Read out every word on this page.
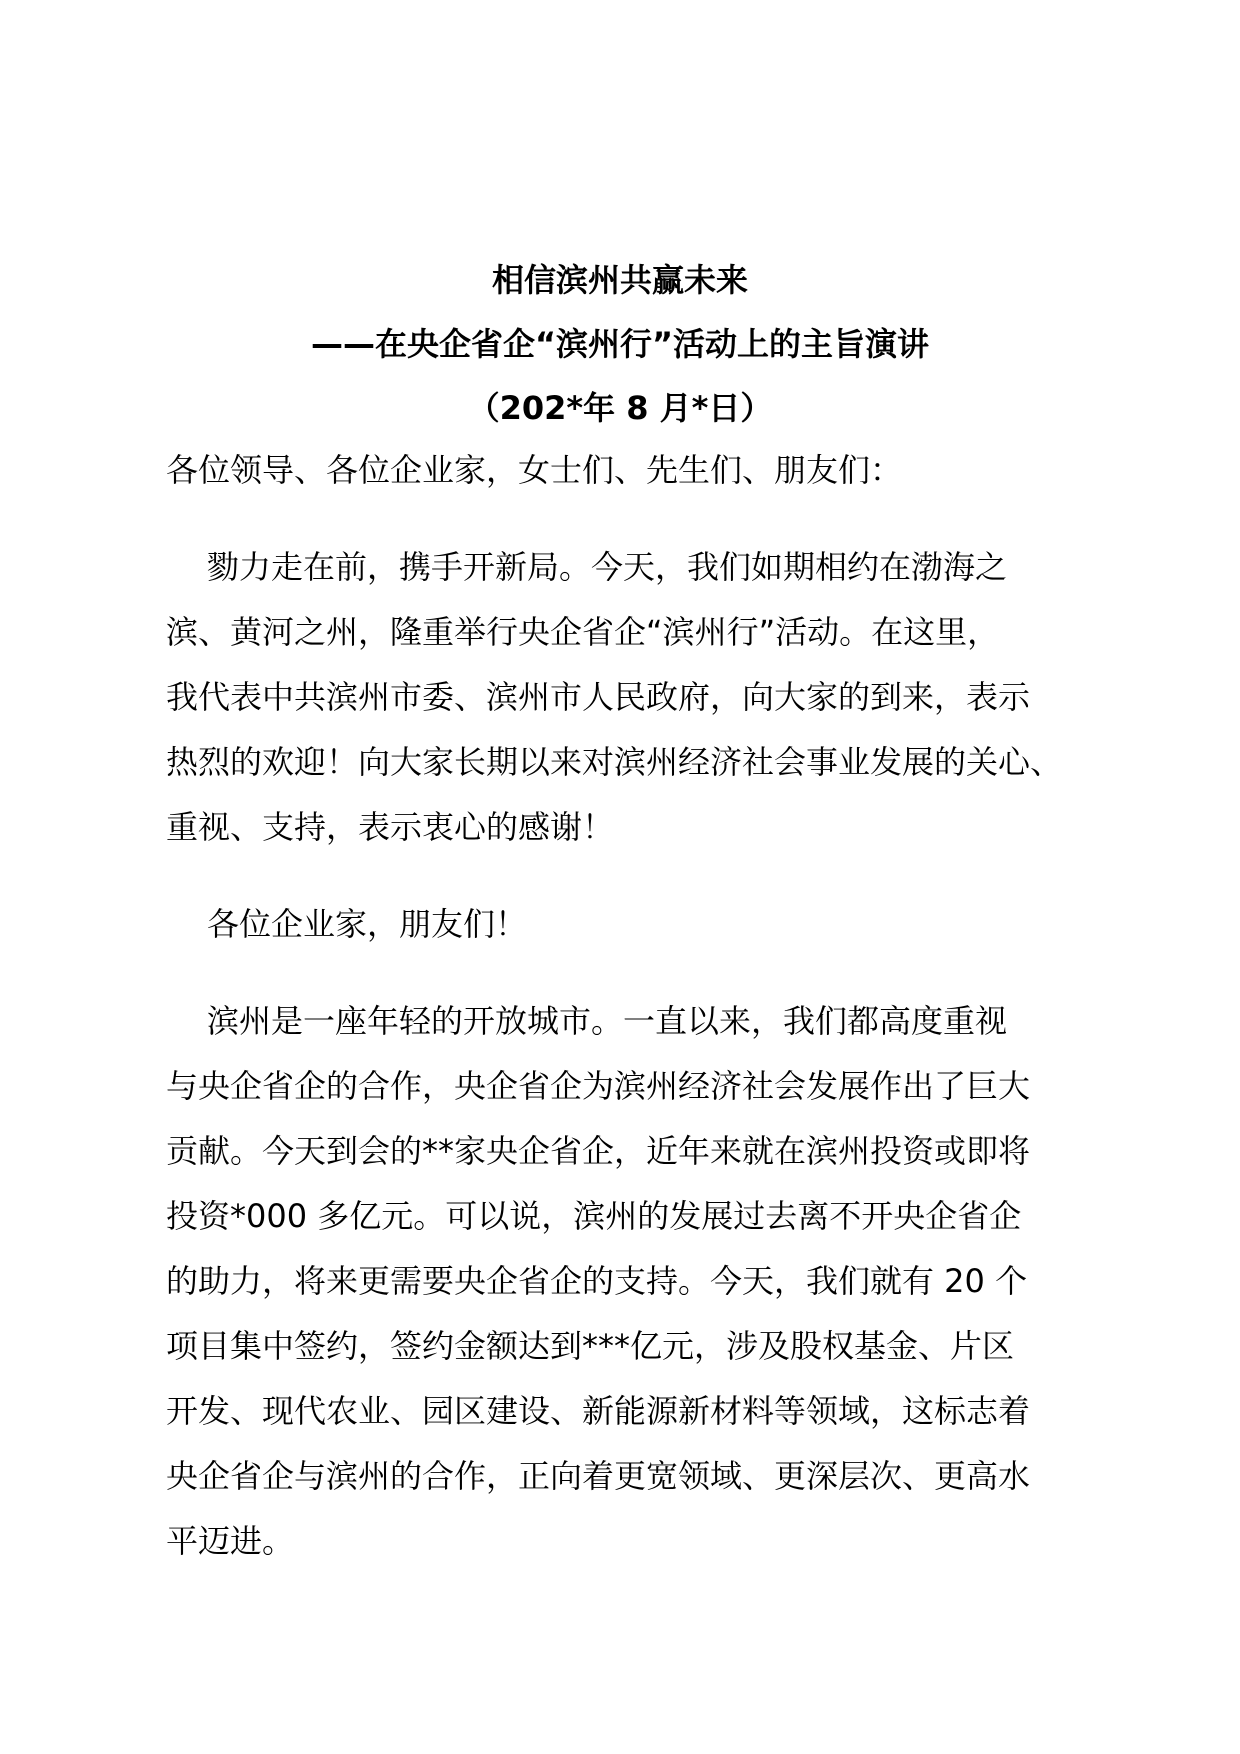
相信滨州共赢未来
——在央企省企“滨州行”活动上的主旨演讲
（202*年 8 月*日）

各位领导、各位企业家，女士们、先生们、朋友们：

勠力走在前，携手开新局。今天，我们如期相约在渤海之
滨、黄河之州，隆重举行央企省企“滨州行”活动。在这里，
我代表中共滨州市委、滨州市人民政府，向大家的到来，表示
热烈的欢迎！向大家长期以来对滨州经济社会事业发展的关心、
重视、支持，表示衷心的感谢！

各位企业家，朋友们！

滨州是一座年轻的开放城市。一直以来，我们都高度重视
与央企省企的合作，央企省企为滨州经济社会发展作出了巨大
贡献。今天到会的**家央企省企，近年来就在滨州投资或即将
投资*000 多亿元。可以说，滨州的发展过去离不开央企省企
的助力，将来更需要央企省企的支持。今天，我们就有 20 个
项目集中签约，签约金额达到***亿元，涉及股权基金、片区
开发、现代农业、园区建设、新能源新材料等领域，这标志着
央企省企与滨州的合作，正向着更宽领域、更深层次、更高水
平迈进。
